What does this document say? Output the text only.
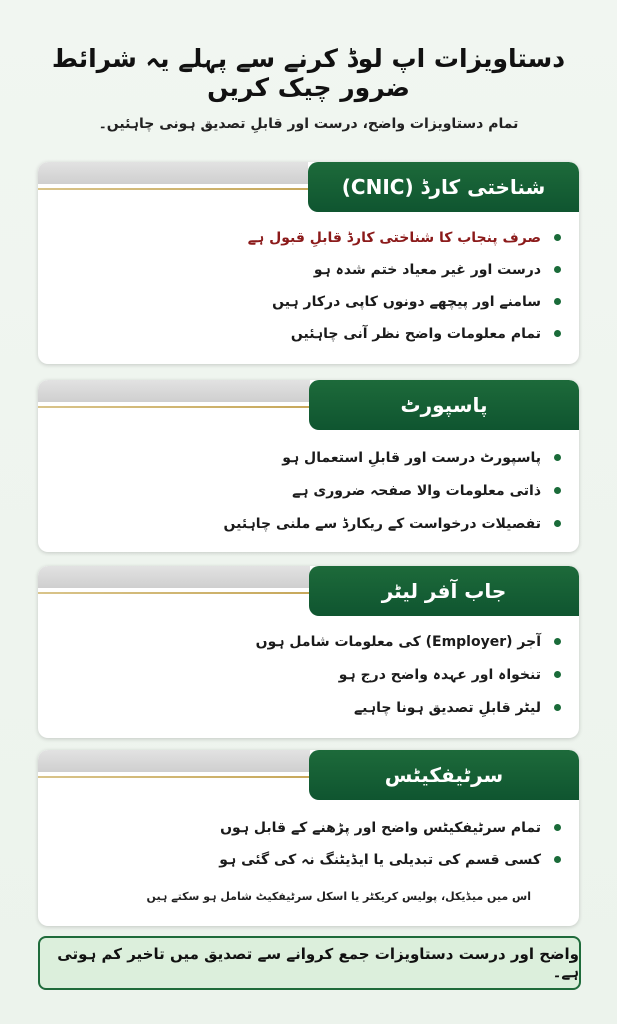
دستاویزات اپ لوڈ کرنے سے پہلے یہ شرائط ضرور چیک کریں
تمام دستاویزات واضح، درست اور قابلِ تصدیق ہونی چاہئیں۔
شناختی کارڈ (CNIC)
صرف پنجاب کا شناختی کارڈ قابلِ قبول ہے
درست اور غیر معیاد ختم شدہ ہو
سامنے اور پیچھے دونوں کاپی درکار ہیں
تمام معلومات واضح نظر آنی چاہئیں
پاسپورٹ
پاسپورٹ درست اور قابلِ استعمال ہو
ذاتی معلومات والا صفحہ ضروری ہے
تفصیلات درخواست کے ریکارڈ سے ملنی چاہئیں
جاب آفر لیٹر
آجر (Employer) کی معلومات شامل ہوں
تنخواہ اور عہدہ واضح درج ہو
لیٹر قابلِ تصدیق ہونا چاہیے
سرٹیفکیٹس
تمام سرٹیفکیٹس واضح اور پڑھنے کے قابل ہوں
کسی قسم کی تبدیلی یا ایڈیٹنگ نہ کی گئی ہو
اس میں میڈیکل، پولیس کریکٹر یا اسکل سرٹیفکیٹ شامل ہو سکتے ہیں
واضح اور درست دستاویزات جمع کروانے سے تصدیق میں تاخیر کم ہوتی ہے۔
